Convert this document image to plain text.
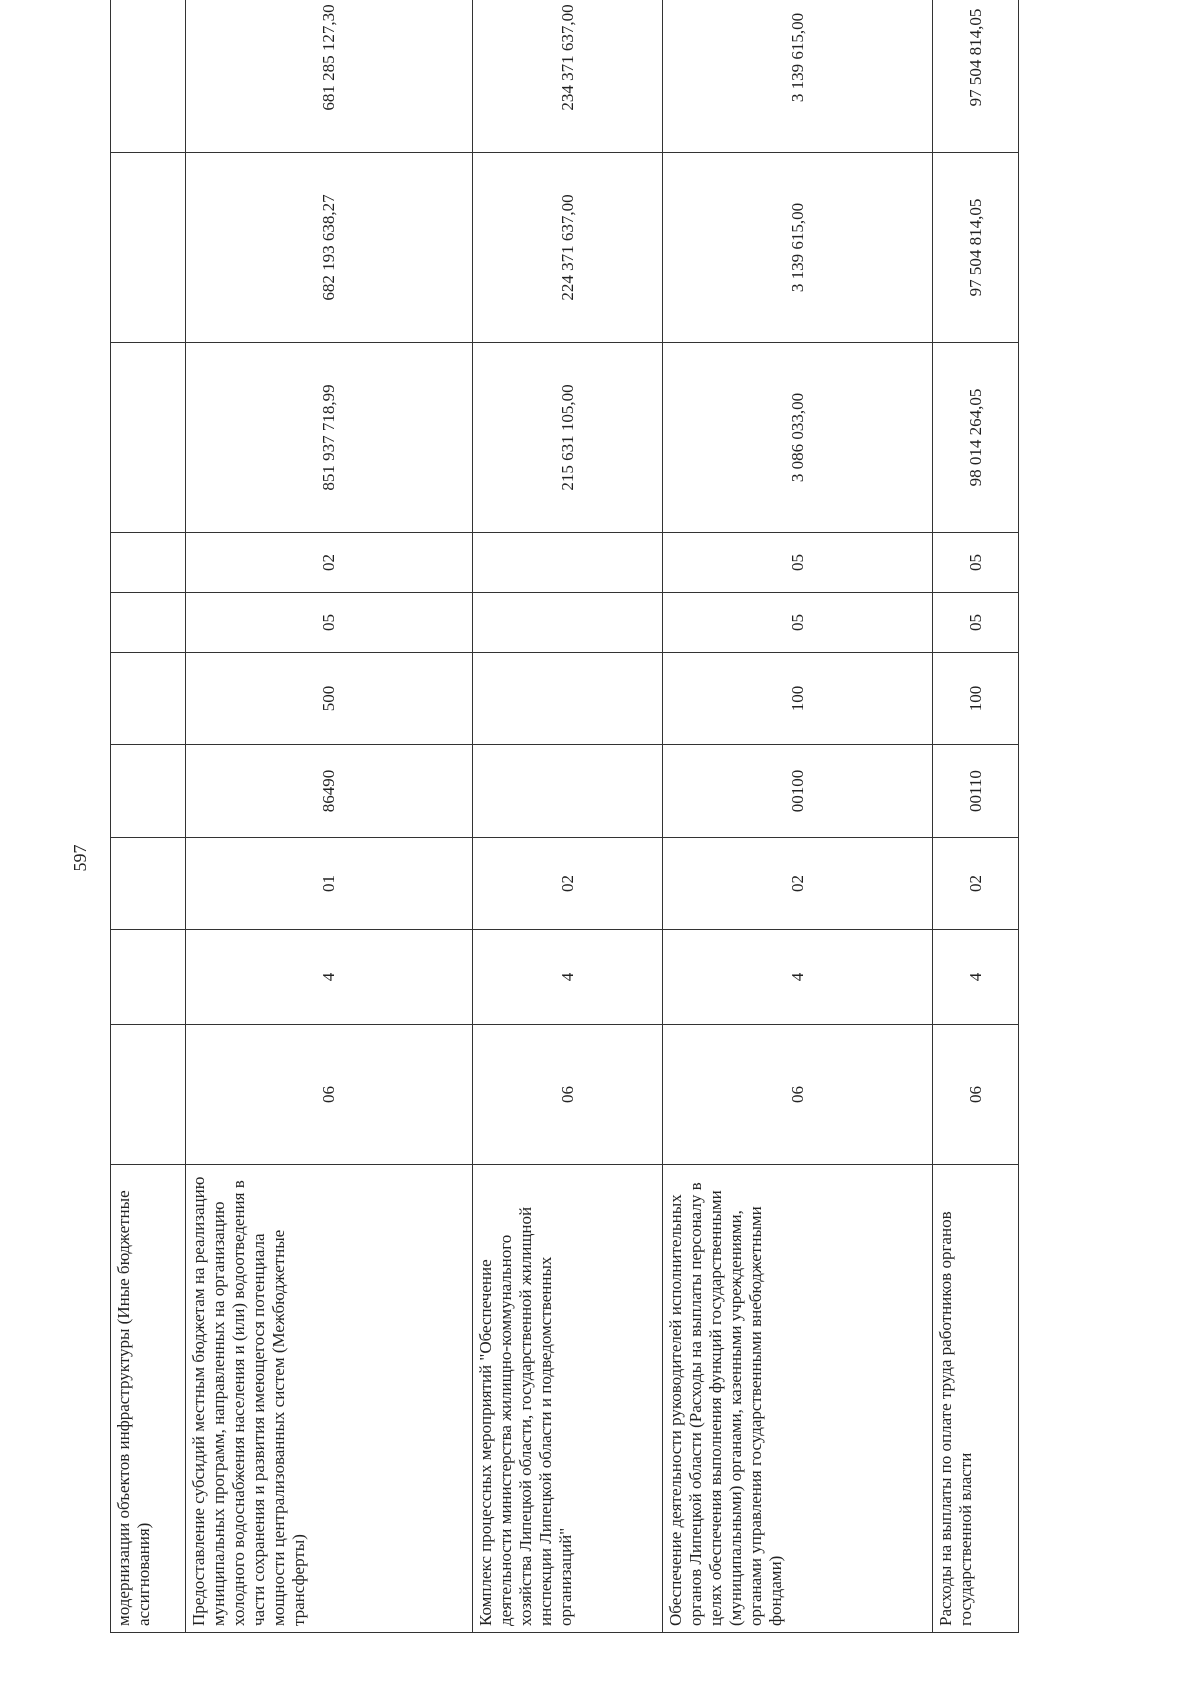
597
модернизации объектов инфраструктуры (Иные бюджетные ассигнования)										
Предоставление субсидий местным бюджетам на реализацию муниципальных программ, направленных на организацию холодного водоснабжения населения и (или) водоотведения в части сохранения и развития имеющегося потенциала мощности централизованных систем (Межбюджетные трансферты)	06	4	01	86490	500	05	02	851 937 718,99	682 193 638,27	681 285 127,30
Комплекс процессных мероприятий "Обеспечение деятельности министерства жилищно-коммунального хозяйства Липецкой области, государственной жилищной инспекции Липецкой области и подведомственных организаций"	06	4	02					215 631 105,00	224 371 637,00	234 371 637,00
Обеспечение деятельности руководителей исполнительных органов Липецкой области (Расходы на выплаты персоналу в целях обеспечения выполнения функций государственными (муниципальными) органами, казенными учреждениями, органами управления государственными внебюджетными фондами)	06	4	02	00100	100	05	05	3 086 033,00	3 139 615,00	3 139 615,00
Расходы на выплаты по оплате труда работников органов государственной власти	06	4	02	00110	100	05	05	98 014 264,05	97 504 814,05	97 504 814,05
